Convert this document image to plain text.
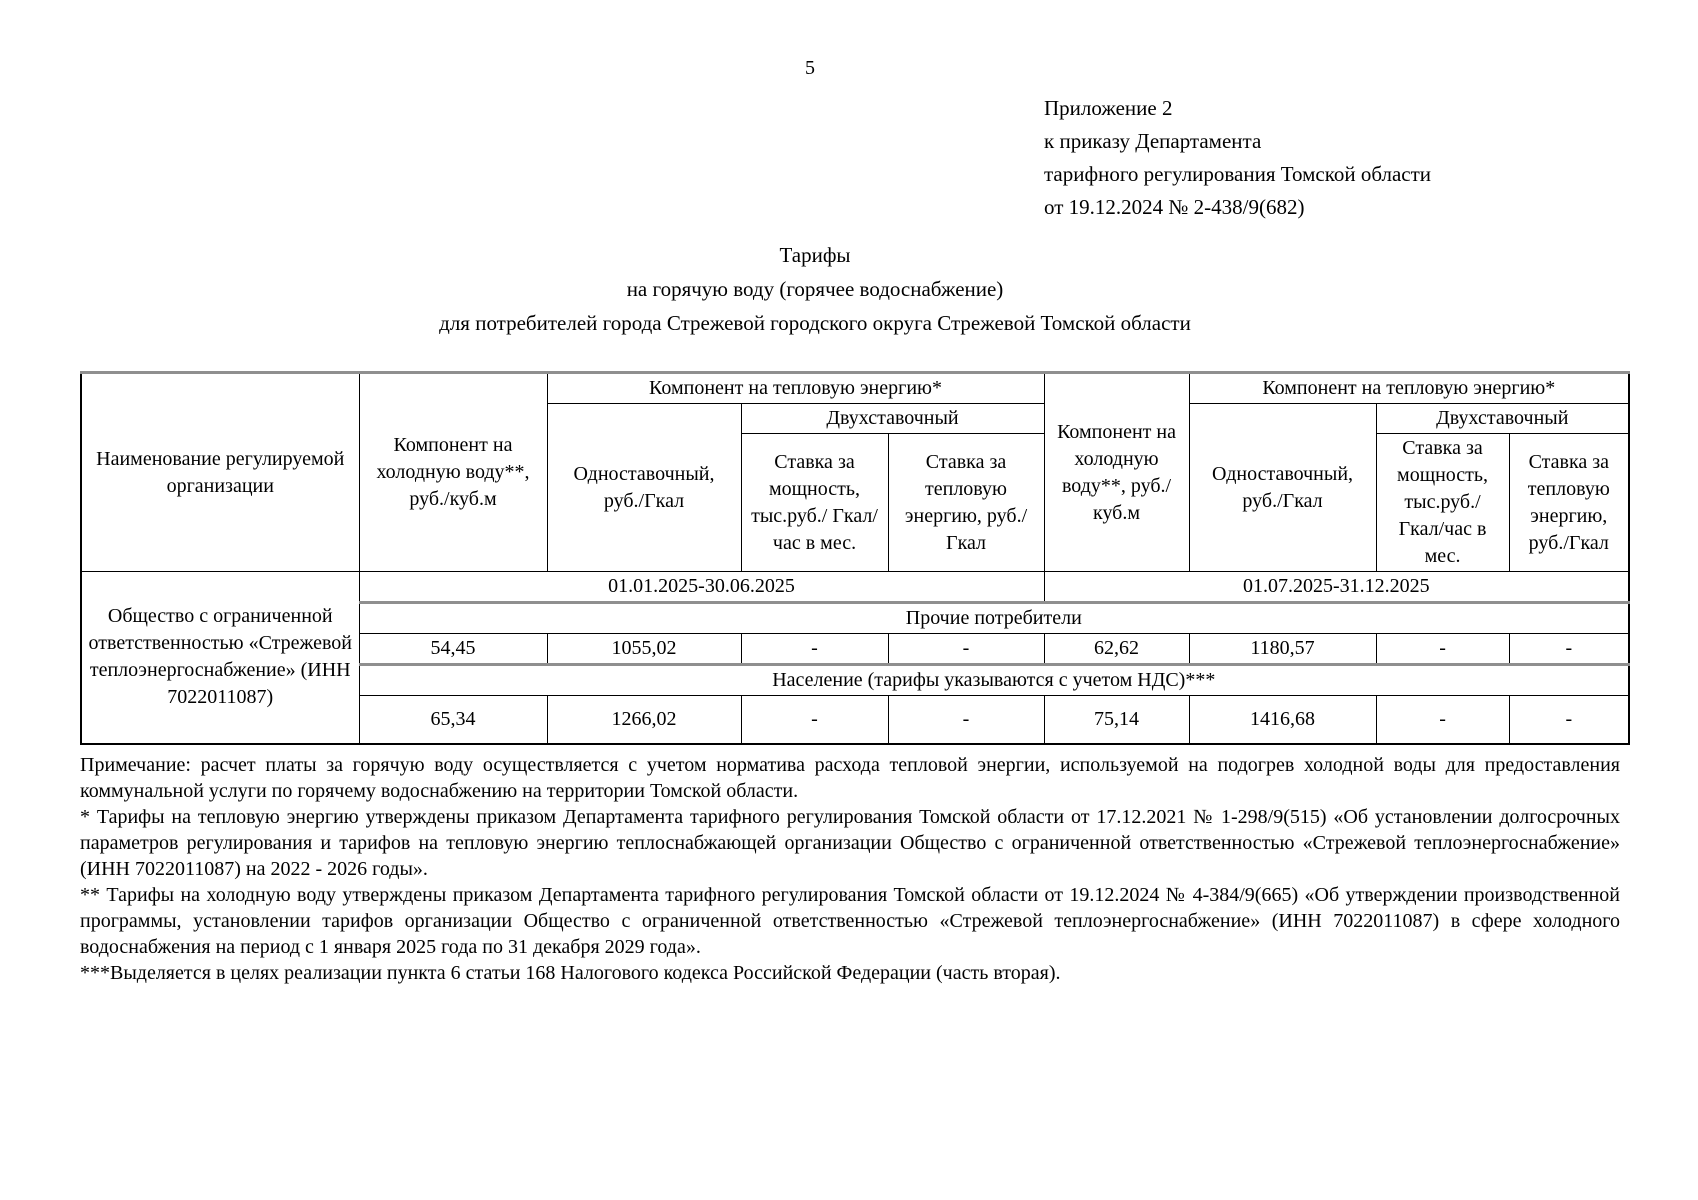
5
Приложение 2
к приказу Департамента
тарифного регулирования Томской области
от 19.12.2024 № 2-438/9(682)
Тарифы
на горячую воду (горячее водоснабжение)
для потребителей города Стрежевой городского округа Стрежевой Томской области
Наименование регулируемой организации	Компонент на холодную воду**, руб./куб.м	Компонент на тепловую энергию*			Компонент на холодную воду**, руб./куб.м	Компонент на тепловую энергию*		
		Одноставочный, руб./Гкал	Двухставочный			Одноставочный, руб./Гкал	Двухставочный	
			Ставка за мощность, тыс.руб./ Гкал/час в мес.	Ставка за тепловую энергию, руб./Гкал			Ставка за мощность, тыс.руб./ Гкал/час в мес.	Ставка за тепловую энергию, руб./Гкал
Общество с ограниченной ответственностью «Стрежевой теплоэнергоснабжение» (ИНН 7022011087)	01.01.2025-30.06.2025				01.07.2025-31.12.2025			
	Прочие потребители							
	54,45	1055,02	-	-	62,62	1180,57	-	-
	Население (тарифы указываются с учетом НДС)***							
	65,34	1266,02	-	-	75,14	1416,68	-	-

Примечание: расчет платы за горячую воду осуществляется с учетом норматива расхода тепловой энергии, используемой на подогрев холодной воды для предоставления коммунальной услуги по горячему водоснабжению на территории Томской области.

* Тарифы на тепловую энергию утверждены приказом Департамента тарифного регулирования Томской области от 17.12.2021 № 1-298/9(515) «Об установлении долгосрочных параметров регулирования и тарифов на тепловую энергию теплоснабжающей организации Общество с ограниченной ответственностью «Стрежевой теплоэнергоснабжение» (ИНН 7022011087) на 2022 - 2026 годы».

** Тарифы на холодную воду утверждены приказом Департамента тарифного регулирования Томской области от 19.12.2024 № 4-384/9(665) «Об утверждении производственной программы, установлении тарифов организации Общество с ограниченной ответственностью «Стрежевой теплоэнергоснабжение» (ИНН 7022011087) в сфере холодного водоснабжения на период с 1 января 2025 года по 31 декабря 2029 года».

***Выделяется в целях реализации пункта 6 статьи 168 Налогового кодекса Российской Федерации (часть вторая).
